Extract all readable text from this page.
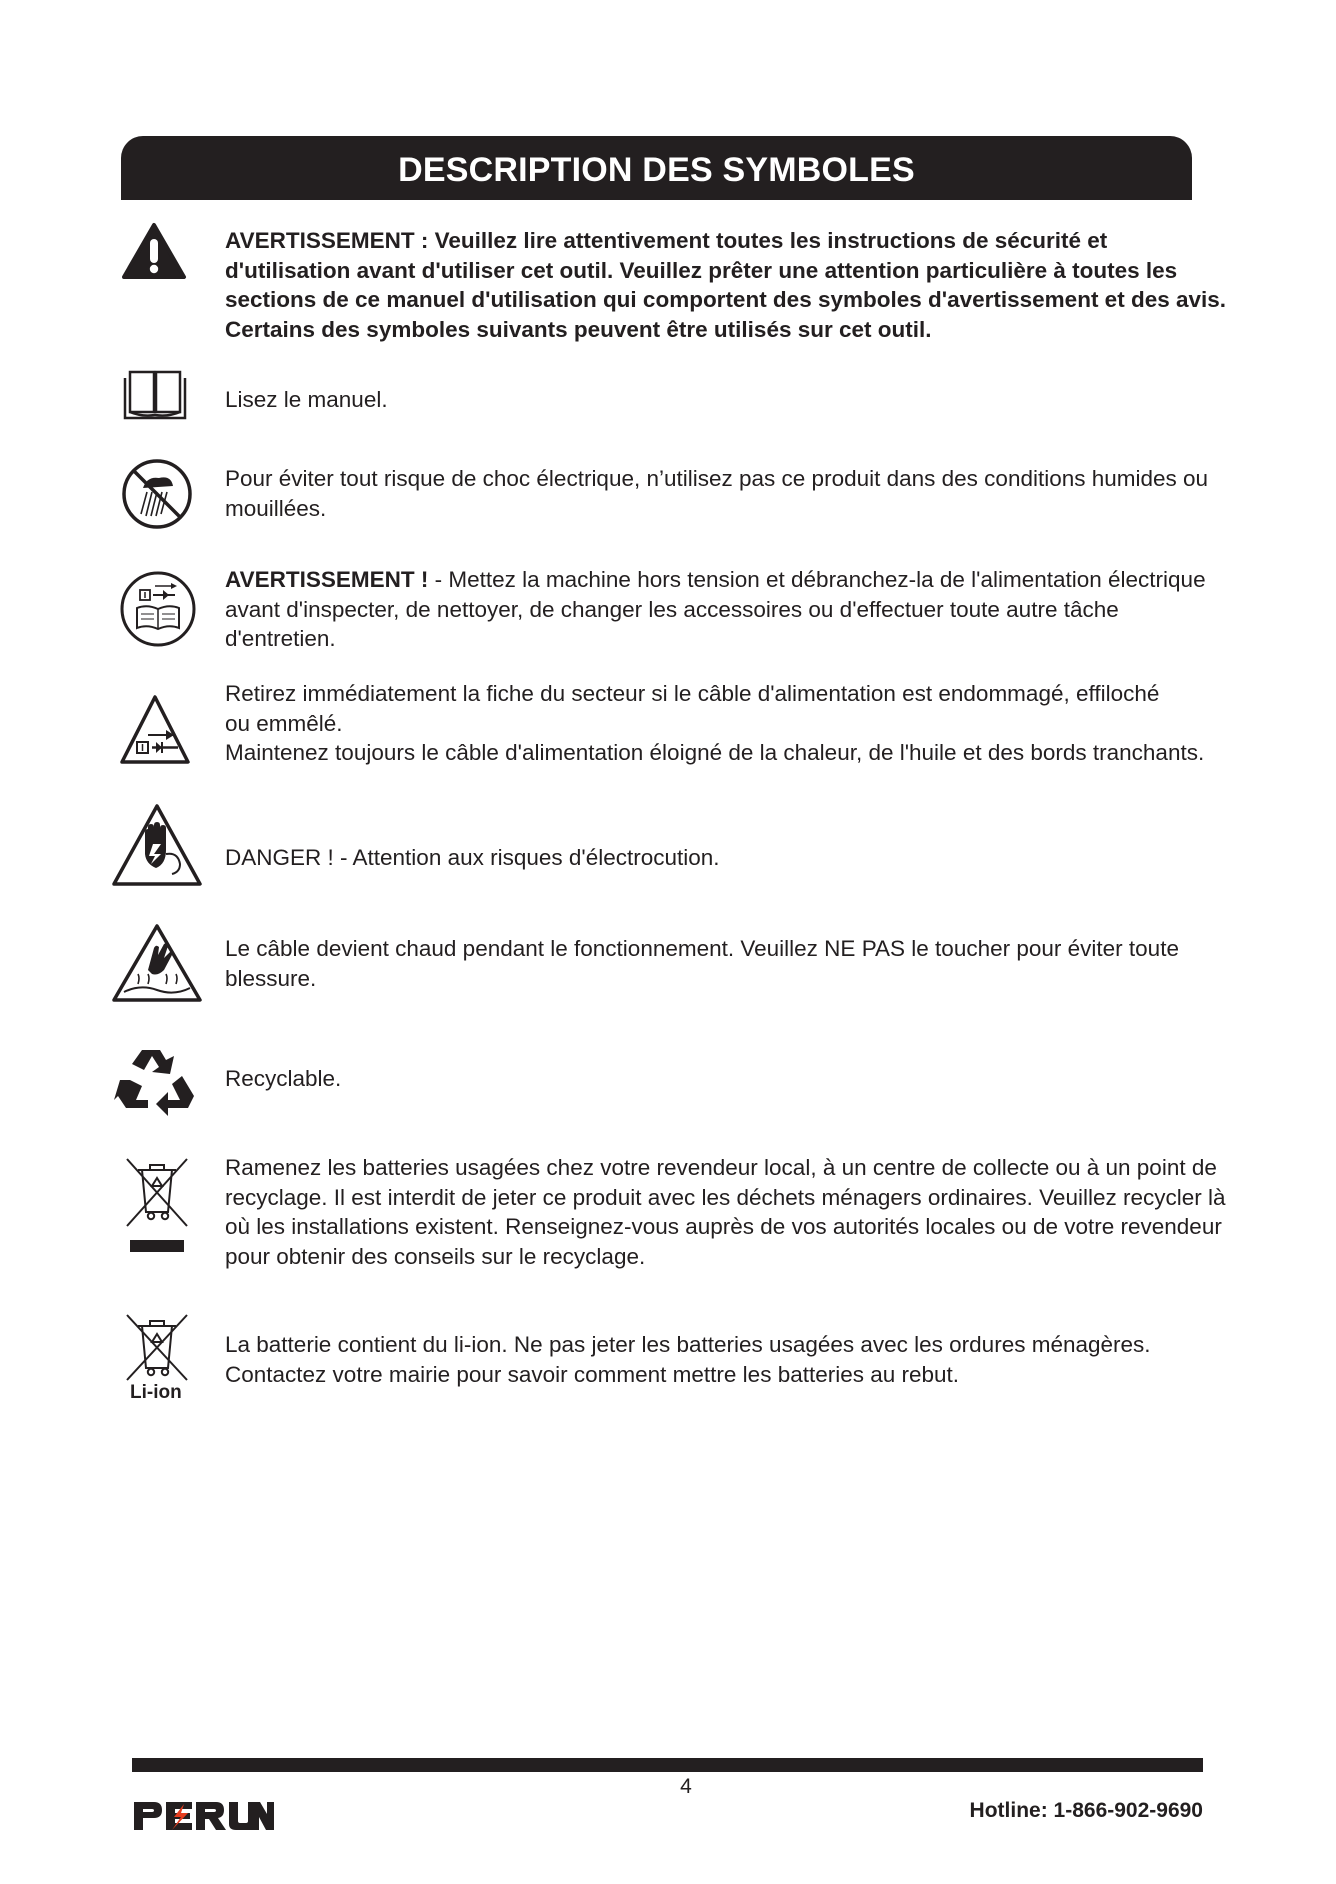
DESCRIPTION DES SYMBOLES
AVERTISSEMENT : Veuillez lire attentivement toutes les instructions de sécurité et d'utilisation avant d'utiliser cet outil. Veuillez prêter une attention particulière à toutes les sections de ce manuel d'utilisation qui comportent des symboles d'avertissement et des avis. Certains des symboles suivants peuvent être utilisés sur cet outil.
Lisez le manuel.
Pour éviter tout risque de choc électrique, n’utilisez pas ce produit dans des conditions humides ou mouillées.
AVERTISSEMENT ! - Mettez la machine hors tension et débranchez-la de l'alimentation électrique avant d'inspecter, de nettoyer, de changer les accessoires ou d'effectuer toute autre tâche d'entretien.
Retirez immédiatement la fiche du secteur si le câble d'alimentation est endommagé, effiloché ou emmêlé.
Maintenez toujours le câble d'alimentation éloigné de la chaleur, de l'huile et des bords tranchants.
DANGER ! - Attention aux risques d'électrocution.
Le câble devient chaud pendant le fonctionnement. Veuillez NE PAS le toucher pour éviter toute blessure.
Recyclable.
Ramenez les batteries usagées chez votre revendeur local, à un centre de collecte ou à un point de recyclage. Il est interdit de jeter ce produit avec les déchets ménagers ordinaires. Veuillez recycler là où les installations existent. Renseignez-vous auprès de vos autorités locales ou de votre revendeur pour obtenir des conseils sur le recyclage.
Li-ion
La batterie contient du li-ion. Ne pas jeter les batteries usagées avec les ordures ménagères. Contactez votre mairie pour savoir comment mettre les batteries au rebut.
4
Hotline: 1-866-902-9690
